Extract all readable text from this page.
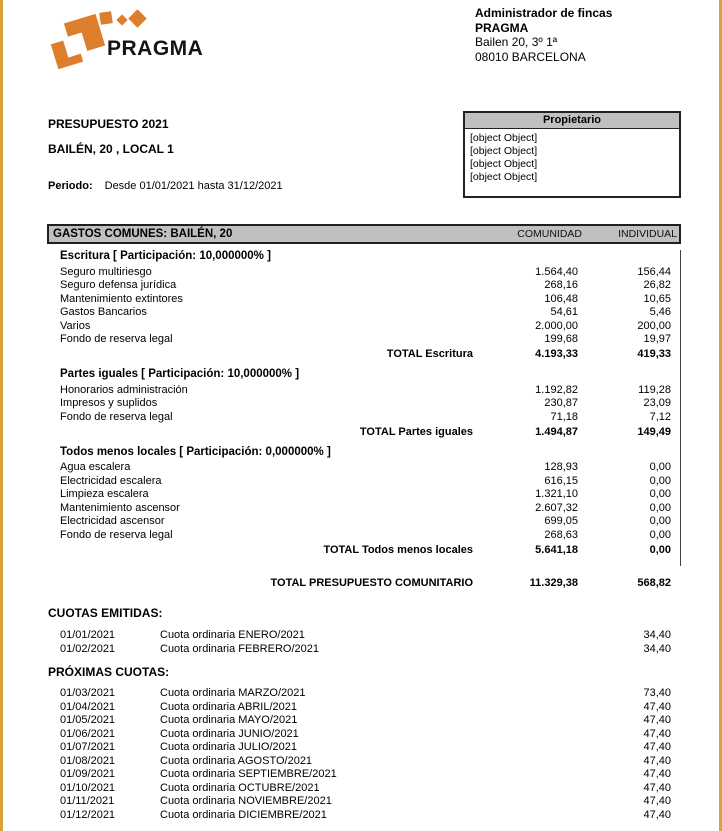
PRAGMA
Administrador de fincas
PRAGMA
Bailen 20, 3º 1ª
08010 BARCELONA
PRESUPUESTO 2021
BAILÉN, 20 , LOCAL 1
Periodo: Desde 01/01/2021 hasta 31/12/2021
Propietario
[object Object]
[object Object]
[object Object]
[object Object]
GASTOS COMUNES: BAILÉN, 20	COMUNIDAD	INDIVIDUAL
Escritura [ Participación: 10,000000% ]
Seguro multiriesgo	1.564,40	156,44
Seguro defensa jurídica	268,16	26,82
Mantenimiento extintores	106,48	10,65
Gastos Bancarios	54,61	5,46
Varios	2.000,00	200,00
Fondo de reserva legal	199,68	19,97
TOTAL Escritura	4.193,33	419,33
Partes iguales [ Participación: 10,000000% ]
Honorarios administración	1.192,82	119,28
Impresos y suplidos	230,87	23,09
Fondo de reserva legal	71,18	7,12
TOTAL Partes iguales	1.494,87	149,49
Todos menos locales [ Participación: 0,000000% ]
Agua escalera	128,93	0,00
Electricidad escalera	616,15	0,00
Limpieza escalera	1.321,10	0,00
Mantenimiento ascensor	2.607,32	0,00
Electricidad ascensor	699,05	0,00
Fondo de reserva legal	268,63	0,00
TOTAL Todos menos locales	5.641,18	0,00
TOTAL PRESUPUESTO COMUNITARIO	11.329,38	568,82
CUOTAS EMITIDAS:
01/01/2021	Cuota ordinaria ENERO/2021	34,40
01/02/2021	Cuota ordinaria FEBRERO/2021	34,40
PRÓXIMAS CUOTAS:
01/03/2021	Cuota ordinaria MARZO/2021	73,40
01/04/2021	Cuota ordinaria ABRIL/2021	47,40
01/05/2021	Cuota ordinaria MAYO/2021	47,40
01/06/2021	Cuota ordinaria JUNIO/2021	47,40
01/07/2021	Cuota ordinaria JULIO/2021	47,40
01/08/2021	Cuota ordinaria AGOSTO/2021	47,40
01/09/2021	Cuota ordinaria SEPTIEMBRE/2021	47,40
01/10/2021	Cuota ordinaria OCTUBRE/2021	47,40
01/11/2021	Cuota ordinaria NOVIEMBRE/2021	47,40
01/12/2021	Cuota ordinaria DICIEMBRE/2021	47,40
